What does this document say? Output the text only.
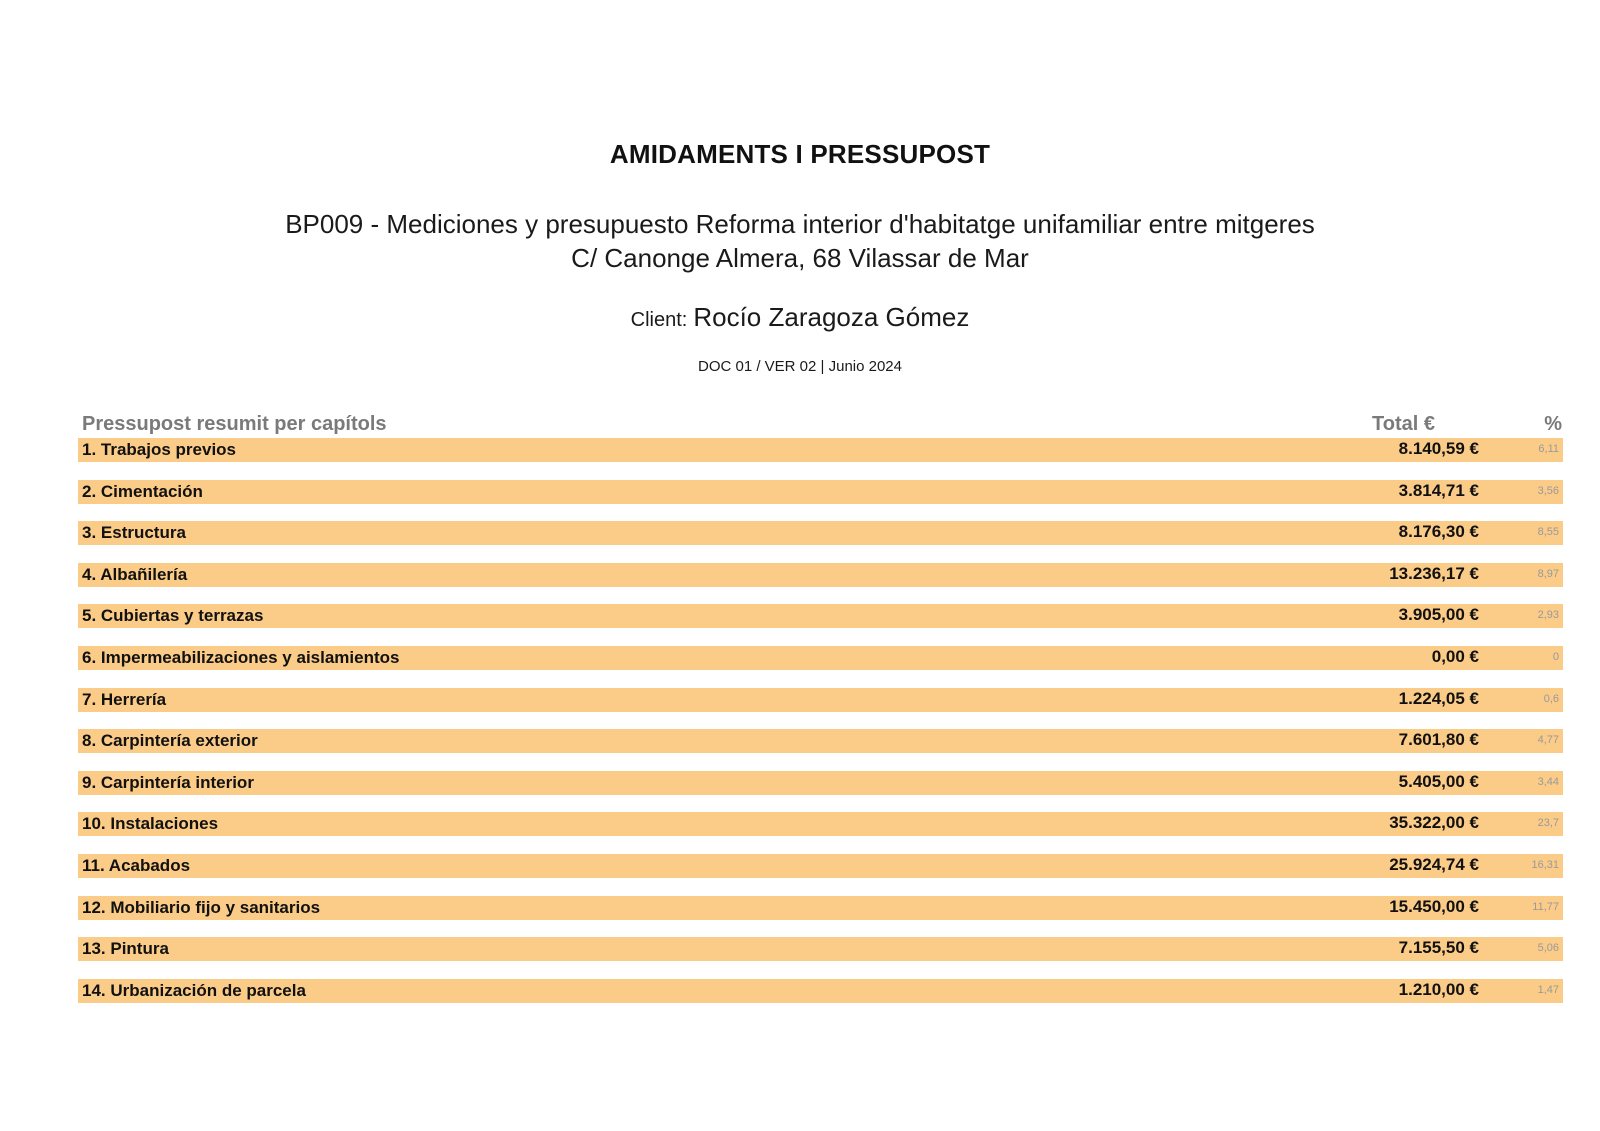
AMIDAMENTS I PRESSUPOST
BP009 - Mediciones y presupuesto Reforma interior d'habitatge unifamiliar entre mitgeres
C/ Canonge Almera, 68 Vilassar de Mar
Client: Rocío Zaragoza Gómez
DOC 01 / VER 02 | Junio 2024
Pressupost resumit per capítols	Total €	%
1. Trabajos previos	8.140,59 €	6,11
2. Cimentación	3.814,71 €	3,56
3. Estructura	8.176,30 €	8,55
4. Albañilería	13.236,17 €	8,97
5. Cubiertas y terrazas	3.905,00 €	2,93
6. Impermeabilizaciones y aislamientos	0,00 €	0
7. Herrería	1.224,05 €	0,6
8. Carpintería exterior	7.601,80 €	4,77
9. Carpintería interior	5.405,00 €	3,44
10. Instalaciones	35.322,00 €	23,7
11. Acabados	25.924,74 €	16,31
12. Mobiliario fijo y sanitarios	15.450,00 €	11,77
13. Pintura	7.155,50 €	5,06
14. Urbanización de parcela	1.210,00 €	1,47
